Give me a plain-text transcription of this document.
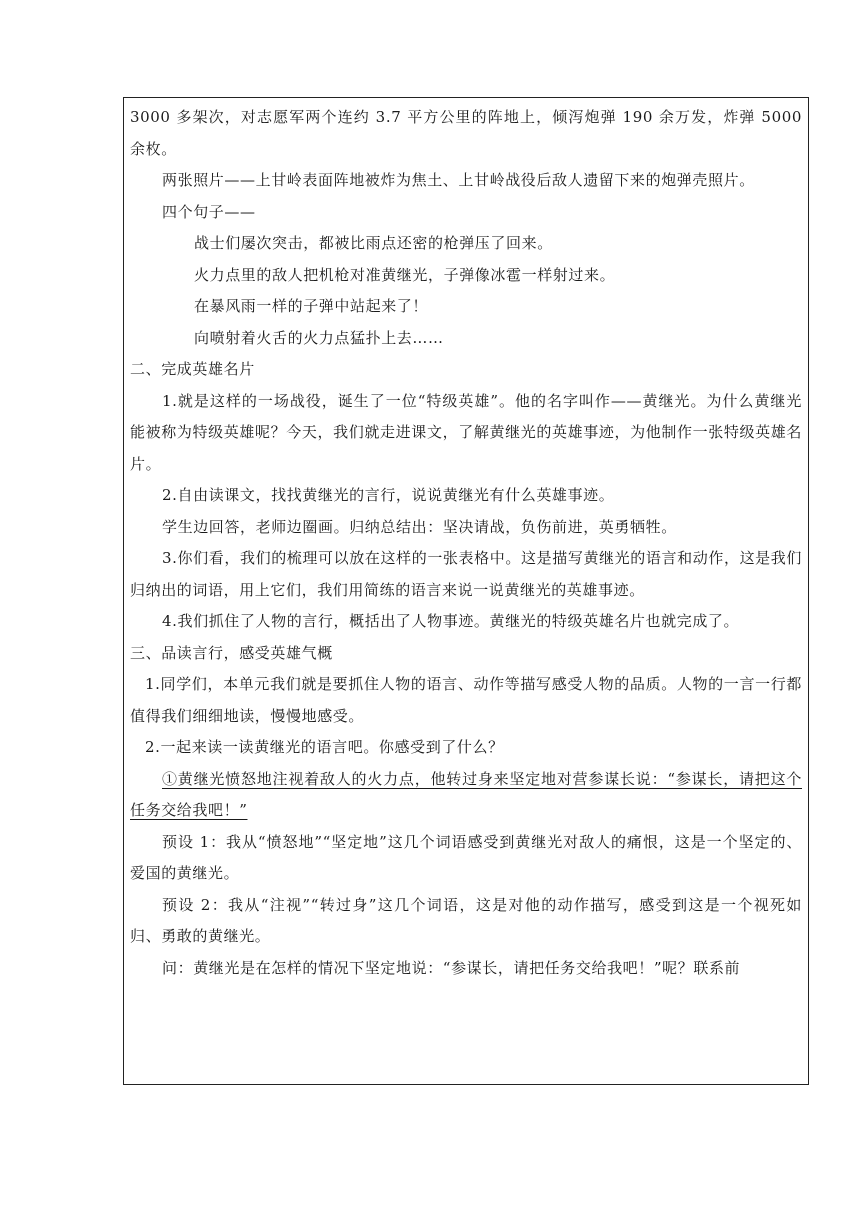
3000 多架次，对志愿军两个连约 3.7 平方公里的阵地上，倾泻炮弹 190 余万发，炸弹 5000 余枚。

两张照片——上甘岭表面阵地被炸为焦土、上甘岭战役后敌人遗留下来的炮弹壳照片。

四个句子——

战士们屡次突击，都被比雨点还密的枪弹压了回来。

火力点里的敌人把机枪对准黄继光，子弹像冰雹一样射过来。

在暴风雨一样的子弹中站起来了！

向喷射着火舌的火力点猛扑上去……

二、完成英雄名片

1.就是这样的一场战役，诞生了一位“特级英雄”。他的名字叫作——黄继光。为什么黄继光能被称为特级英雄呢？今天，我们就走进课文，了解黄继光的英雄事迹，为他制作一张特级英雄名片。

2.自由读课文，找找黄继光的言行，说说黄继光有什么英雄事迹。

学生边回答，老师边圈画。归纳总结出：坚决请战，负伤前进，英勇牺牲。

3.你们看，我们的梳理可以放在这样的一张表格中。这是描写黄继光的语言和动作，这是我们归纳出的词语，用上它们，我们用简练的语言来说一说黄继光的英雄事迹。

4.我们抓住了人物的言行，概括出了人物事迹。黄继光的特级英雄名片也就完成了。

三、品读言行，感受英雄气概

1.同学们，本单元我们就是要抓住人物的语言、动作等描写感受人物的品质。人物的一言一行都值得我们细细地读，慢慢地感受。

2.一起来读一读黄继光的语言吧。你感受到了什么？

①黄继光愤怒地注视着敌人的火力点，他转过身来坚定地对营参谋长说：“参谋长，请把这个任务交给我吧！”

预设 1：我从“愤怒地”“坚定地”这几个词语感受到黄继光对敌人的痛恨，这是一个坚定的、爱国的黄继光。

预设 2：我从“注视”“转过身”这几个词语，这是对他的动作描写，感受到这是一个视死如归、勇敢的黄继光。

问：黄继光是在怎样的情况下坚定地说：“参谋长，请把任务交给我吧！”呢？联系前
